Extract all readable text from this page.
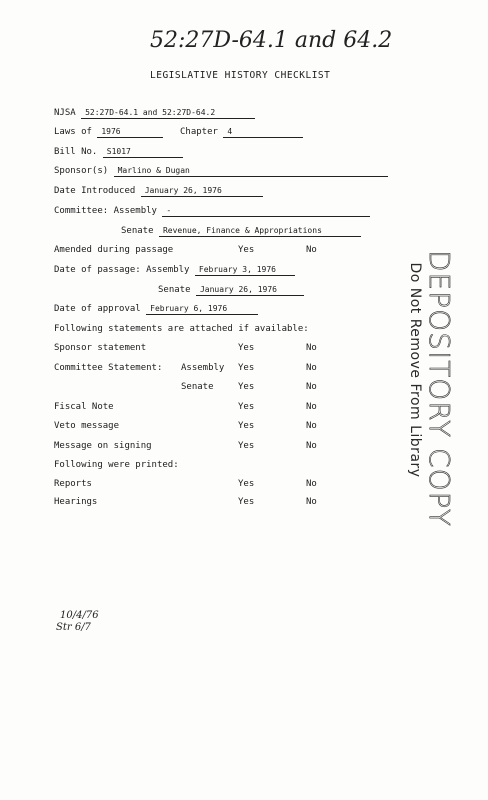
52:27D-64.1 and 64.2
LEGISLATIVE HISTORY CHECKLIST
NJSA 52:27D-64.1 and 52:27D-64.2
Laws of 1976	Chapter 4
Bill No. S1017
Sponsor(s) Marlino & Dugan
Date Introduced January 26, 1976
Committee: Assembly -
Senate Revenue, Finance & Appropriations
Amended during passage	Yes	No
Date of passage: Assembly February 3, 1976
Senate January 26, 1976
Date of approval February 6, 1976
Following statements are attached if available:
Sponsor statement	Yes	No
Committee Statement: Assembly Yes	No
Senate	Yes	No
Fiscal Note	Yes	No
Veto message	Yes	No
Message on signing	Yes	No
Following were printed:
Reports	Yes	No
Hearings	Yes	No	DEPOSITORY COPY
Do Not Remove From Library
10/4/76
Str 6/7
